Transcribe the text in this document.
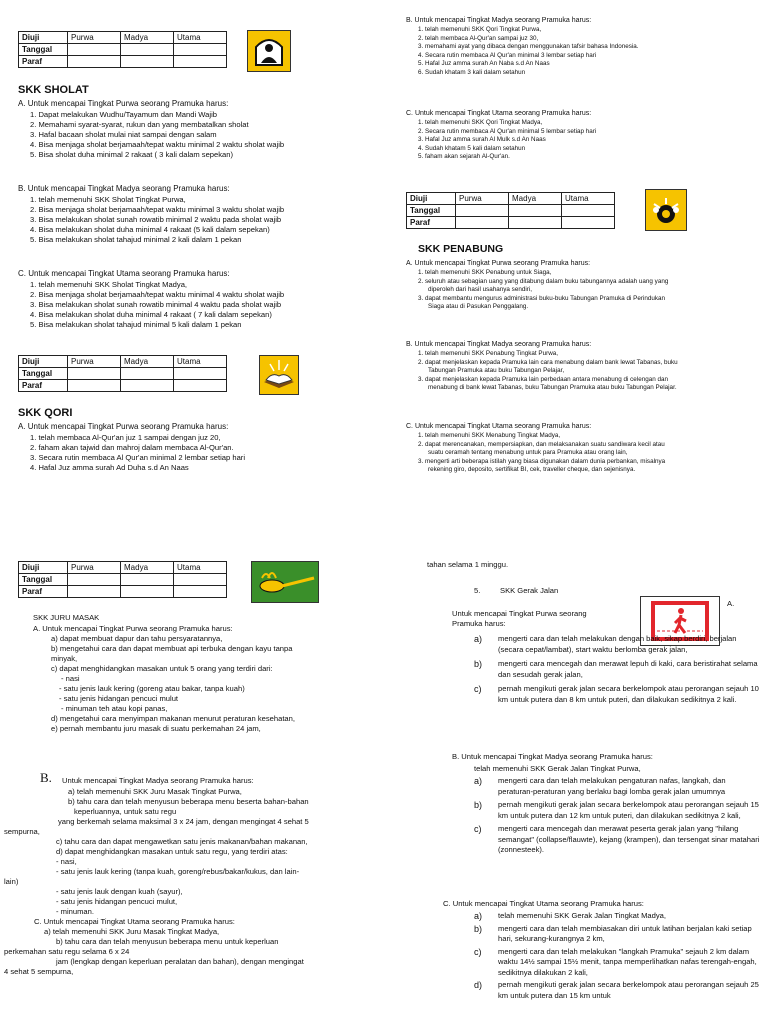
Diuji	Purwa	Madya	Utama
Tanggal			
Paraf			
SKK SHOLAT
A. Untuk mencapai Tingkat Purwa seorang Pramuka harus:
1. Dapat melakukan Wudhu/Tayamum dan Mandi Wajib
2. Memahami syarat-syarat, rukun dan yang membatalkan sholat
3. Hafal bacaan sholat mulai niat sampai dengan salam
4. Bisa menjaga sholat berjamaah/tepat waktu minimal 2 waktu sholat wajib
5. Bisa sholat duha minimal 2 rakaat ( 3 kali dalam sepekan)
B. Untuk mencapai Tingkat Madya seorang Pramuka harus:
1. telah memenuhi SKK Sholat Tingkat Purwa,
2. Bisa menjaga sholat berjamaah/tepat waktu minimal 3 waktu sholat wajib
3. Bisa melakukan sholat sunah rowatib minimal 2 waktu pada sholat wajib
4. Bisa melakukan sholat duha minimal 4 rakaat (5 kali dalam sepekan)
5. Bisa melakukan sholat tahajud minimal 2 kali dalam 1 pekan
C. Untuk mencapai Tingkat Utama seorang Pramuka harus:
1. telah memenuhi SKK Sholat Tingkat Madya,
2. Bisa menjaga sholat berjamaah/tepat waktu minimal 4 waktu sholat wajib
3. Bisa melakukan sholat sunah rowatib minimal 4 waktu pada sholat wajib
4. Bisa melakukan sholat duha minimal 4 rakaat ( 7 kali dalam sepekan)
5. Bisa melakukan sholat tahajud minimal 5 kali dalam 1 pekan
Diuji	Purwa	Madya	Utama
Tanggal			
Paraf			
SKK QORI
A. Untuk mencapai Tingkat Purwa seorang Pramuka harus:
1. telah membaca Al-Qur'an juz 1 sampai dengan juz 20,
2. faham akan tajwid dan mahroj dalam membaca Al-Qur'an.
3. Secara rutin membaca Al Qur'an minimal 2 lembar setiap hari
4. Hafal Juz amma surah Ad Duha s.d An Naas
B. Untuk mencapai Tingkat Madya seorang Pramuka harus:
1. telah memenuhi SKK Qori Tingkat Purwa,
2. telah membaca Al-Qur'an sampai juz 30,
3. memahami ayat yang dibaca dengan menggunakan tafsir bahasa Indonesia.
4. Secara rutin membaca Al Qur'an minimal 3 lembar setiap hari
5. Hafal Juz amma surah An Naba s.d An Naas
6. Sudah khatam 3 kali dalam setahun
C. Untuk mencapai Tingkat Utama seorang Pramuka harus:
1. telah memenuhi SKK Qori Tingkat Madya,
2. Secara rutin membaca Al Qur'an minimal 5 lembar setiap hari
3. Hafal Juz amma surah Al Mulk s.d An Naas
4. Sudah khatam 5 kali dalam setahun
5. faham akan sejarah Al-Qur'an.
Diuji	Purwa	Madya	Utama
Tanggal			
Paraf			
SKK PENABUNG
A. Untuk mencapai Tingkat Purwa seorang Pramuka harus:
1. telah memenuhi SKK Penabung untuk Siaga,
2. seluruh atau sebagian uang yang ditabung dalam buku tabungannya adalah uang yang
diperoleh dari hasil usahanya sendiri,
3. dapat membantu mengurus administrasi buku-buku Tabungan Pramuka di Perindukan
Siaga atau di Pasukan Penggalang.
B. Untuk mencapai Tingkat Madya seorang Pramuka harus:
1. telah memenuhi SKK Penabung Tingkat Purwa,
2. dapat menjelaskan kepada Pramuka lain cara menabung dalam bank lewat Tabanas, buku
Tabungan Pramuka atau buku Tabungan Pelajar,
3. dapat menjelaskan kepada Pramuka lain perbedaan antara menabung di celengan dan
menabung di bank lewat Tabanas, buku Tabungan Pramuka atau buku Tabungan Pelajar.
C. Untuk mencapai Tingkat Utama seorang Pramuka harus:
1. telah memenuhi SKK Menabung Tingkat Madya,
2. dapat merencanakan, mempersiapkan, dan melaksanakan suatu sandiwara kecil atau
suatu ceramah tentang menabung untuk para Pramuka atau orang lain,
3. mengerti arti beberapa istilah yang biasa digunakan dalam dunia perbankan, misalnya
rekening giro, deposito, sertifikat BI, cek, traveller cheque, dan sejenisnya.
Diuji	Purwa	Madya	Utama
Tanggal			
Paraf			
SKK JURU MASAK
A. Untuk mencapai Tingkat Purwa seorang Pramuka harus:
a) dapat membuat dapur dan tahu persyaratannya,
b) mengetahui cara dan dapat membuat api terbuka dengan kayu tanpa
minyak,
c) dapat menghidangkan masakan untuk 5 orang yang terdiri dari:
- nasi
- satu jenis lauk kering (goreng atau bakar, tanpa kuah)
- satu jenis hidangan pencuci mulut
- minuman teh atau kopi panas,
d) mengetahui cara menyimpan makanan menurut peraturan kesehatan,
e) pernah membantu juru masak di suatu perkemahan 24 jam,
B. Untuk mencapai Tingkat Madya seorang Pramuka harus:
a) telah memenuhi SKK Juru Masak Tingkat Purwa,
b) tahu cara dan telah menyusun beberapa menu beserta bahan-bahan
keperluannya, untuk satu regu
yang berkemah selama maksimal 3 x 24 jam, dengan mengingat 4 sehat 5
sempurna,
c) tahu cara dan dapat mengawetkan satu jenis makanan/bahan makanan,
d) dapat menghidangkan masakan untuk satu regu, yang terdiri atas:
- nasi,
- satu jenis lauk kering (tanpa kuah, goreng/rebus/bakar/kukus, dan lain-
lain)
- satu jenis lauk dengan kuah (sayur),
- satu jenis hidangan pencuci mulut,
- minuman.
C. Untuk mencapai Tingkat Utama seorang Pramuka harus:
a) telah memenuhi SKK Juru Masak Tingkat Madya,
b) tahu cara dan telah menyusun beberapa menu untuk keperluan
perkemahan satu regu selama 6 x 24
jam (lengkap dengan keperluan peralatan dan bahan), dengan mengingat
4 sehat 5 sempurna,
tahan selama 1 minggu.
5.	SKK Gerak Jalan
A.
Untuk mencapai Tingkat Purwa seorang
Pramuka harus:
a)	mengerti cara dan telah melakukan dengan baik, sikap berdiri, berjalan (secara cepat/lambat), start waktu berlomba gerak jalan,
b)	mengerti cara mencegah dan merawat lepuh di kaki, cara beristirahat selama dan sesudah gerak jalan,
c)	pernah mengikuti gerak jalan secara berkelompok atau perorangan sejauh 10 km untuk putera dan 8 km untuk puteri, dan dilakukan sedikitnya 2 kali.
B. Untuk mencapai Tingkat Madya seorang Pramuka harus:
telah memenuhi SKK Gerak Jalan Tingkat Purwa,
a)	mengerti cara dan telah melakukan pengaturan nafas, langkah, dan peraturan-peraturan yang berlaku bagi lomba gerak jalan umumnya
b)	pernah mengikuti gerak jalan secara berkelompok atau perorangan sejauh 15 km untuk putera dan 12 km untuk puteri, dan dilakukan sedikitnya 2 kali,
c)	mengerti cara mencegah dan merawat peserta gerak jalan yang "hilang semangat" (collapse/flauwte), kejang (krampen), dan tersengat sinar matahari (zonnesteek).
C. Untuk mencapai Tingkat Utama seorang Pramuka harus:
a)	telah memenuhi SKK Gerak Jalan Tingkat Madya,
b)	mengerti cara dan telah membiasakan diri untuk latihan berjalan kaki setiap hari, sekurang-kurangnya 2 km,
c)	mengerti cara dan telah melakukan "langkah Pramuka" sejauh 2 km dalam waktu 14½ sampai 15½ menit, tanpa memperlihatkan nafas terengah-engah, sedikitnya dilakukan 2 kali,
d)	pernah mengikuti gerak jalan secara berkelompok atau perorangan sejauh 25 km untuk putera dan 15 km untuk
